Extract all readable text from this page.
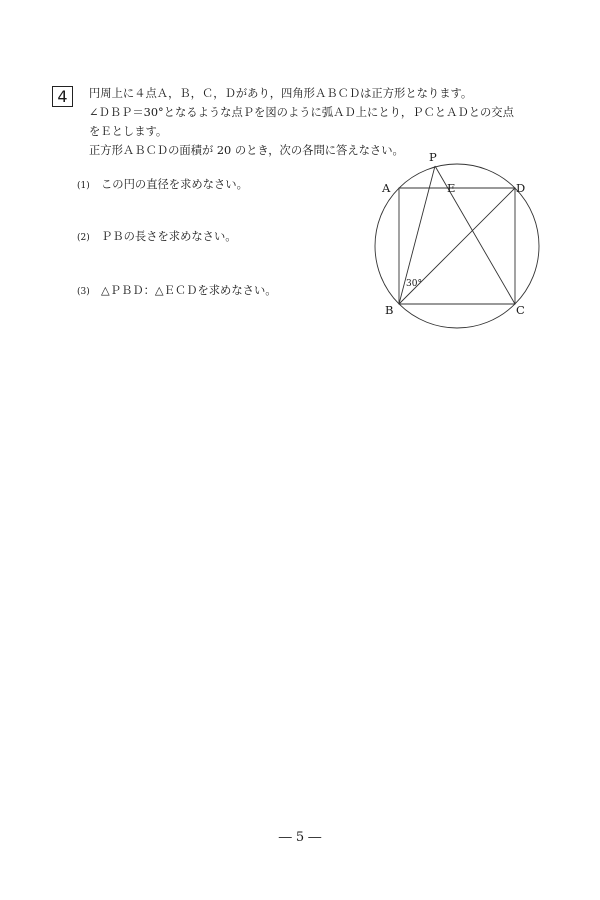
4	円周上に４点Ａ，Ｂ，Ｃ，Ｄがあり，四角形ＡＢＣＤは正方形となります。

∠ＤＢＰ＝30°となるような点Ｐを図のように弧ＡＤ上にとり，ＰＣとＡＤとの交点

をＥとします。

正方形ＡＢＣＤの面積が 20 のとき，次の各問に答えなさい。

(1) この円の直径を求めなさい。
(2) ＰＢの長さを求めなさい。
(3) △ＰＢＤ：△ＥＣＤを求めなさい。
P
A	E	D
B	C
30°
― 5 ―
